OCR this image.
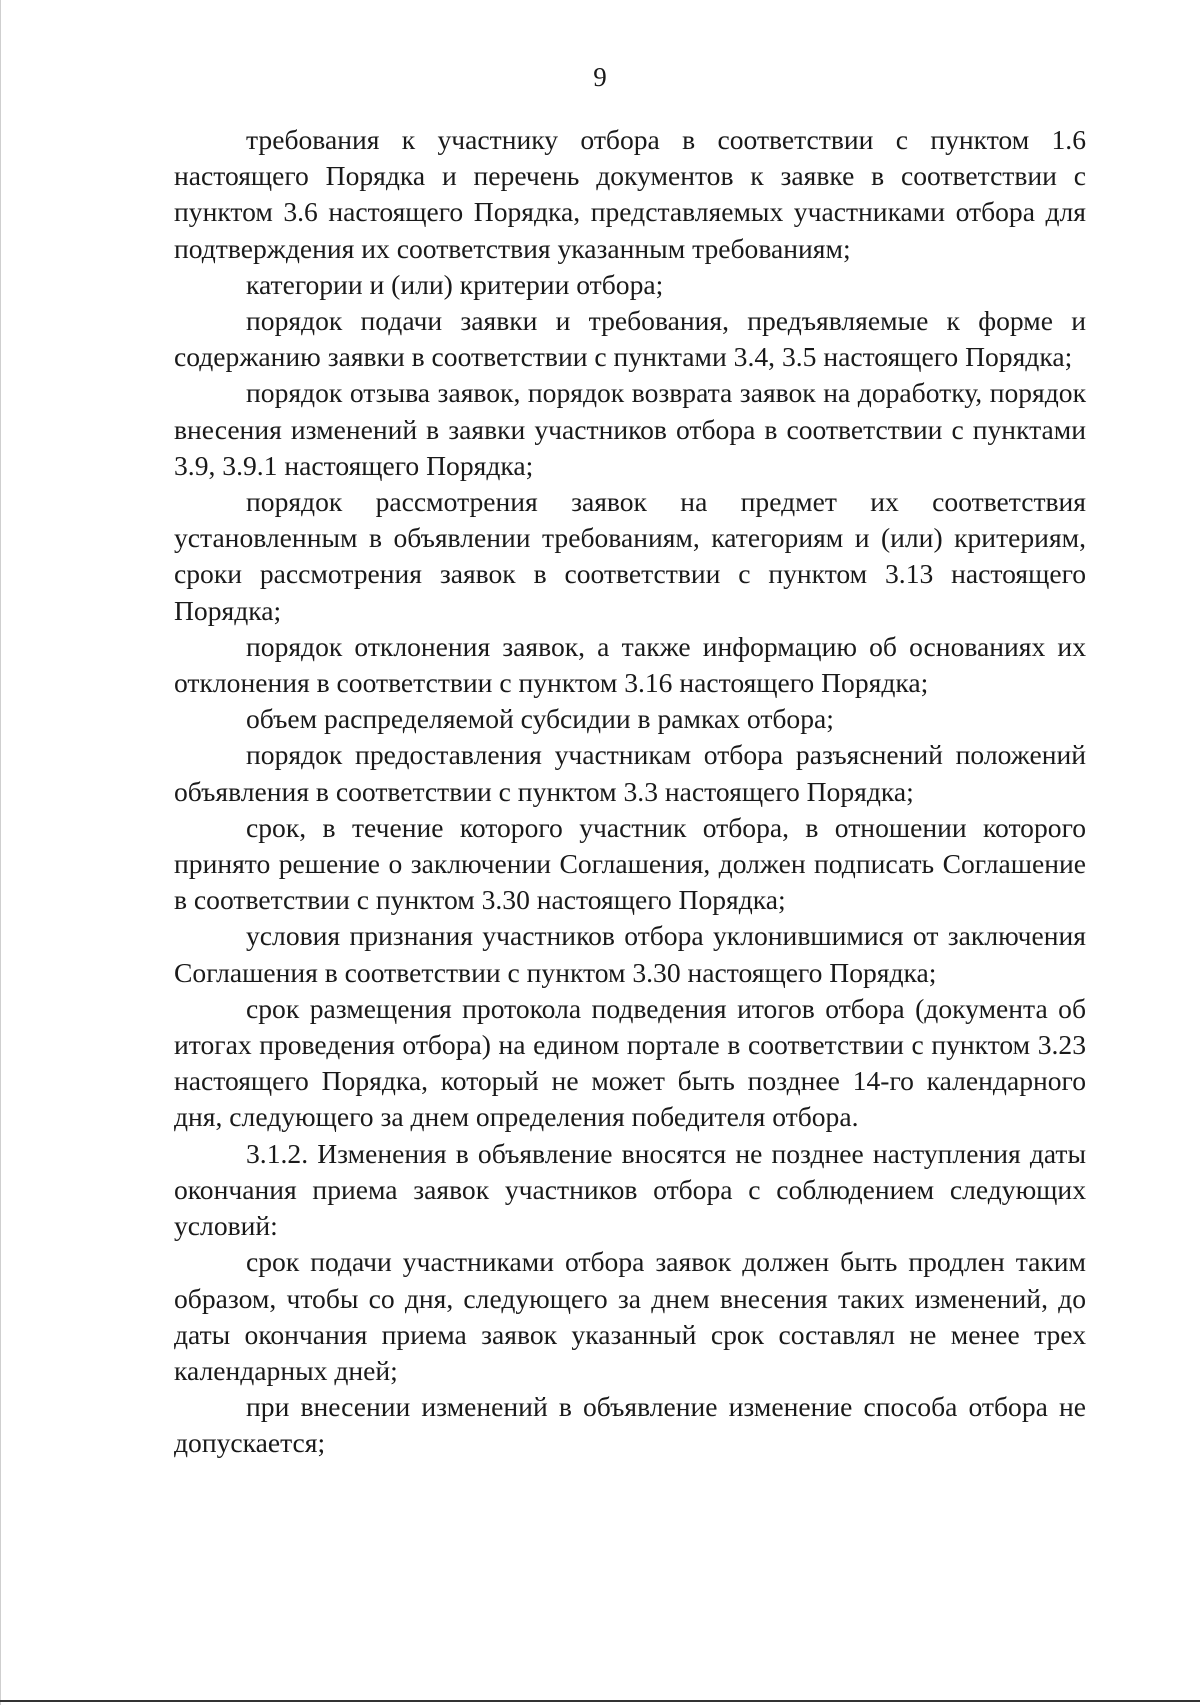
9

требования к участнику отбора в соответствии с пунктом 1.6 настоящего Порядка и перечень документов к заявке в соответствии с пунктом 3.6 настоящего Порядка, представляемых участниками отбора для подтверждения их соответствия указанным требованиям;

категории и (или) критерии отбора;

порядок подачи заявки и требования, предъявляемые к форме и содержанию заявки в соответствии с пунктами 3.4, 3.5 настоящего Порядка;

порядок отзыва заявок, порядок возврата заявок на доработку, порядок внесения изменений в заявки участников отбора в соответствии с пунктами 3.9, 3.9.1 настоящего Порядка;

порядок рассмотрения заявок на предмет их соответствия установленным в объявлении требованиям, категориям и (или) критериям, сроки рассмотрения заявок в соответствии с пунктом 3.13 настоящего Порядка;

порядок отклонения заявок, а также информацию об основаниях их отклонения в соответствии с пунктом 3.16 настоящего Порядка;

объем распределяемой субсидии в рамках отбора;

порядок предоставления участникам отбора разъяснений положений объявления в соответствии с пунктом 3.3 настоящего Порядка;

срок, в течение которого участник отбора, в отношении которого принято решение о заключении Соглашения, должен подписать Соглашение в соответствии с пунктом 3.30 настоящего Порядка;

условия признания участников отбора уклонившимися от заключения Соглашения в соответствии с пунктом 3.30 настоящего Порядка;

срок размещения протокола подведения итогов отбора (документа об итогах проведения отбора) на едином портале в соответствии с пунктом 3.23 настоящего Порядка, который не может быть позднее 14-го календарного дня, следующего за днем определения победителя отбора.

3.1.2. Изменения в объявление вносятся не позднее наступления даты окончания приема заявок участников отбора с соблюдением следующих условий:

срок подачи участниками отбора заявок должен быть продлен таким образом, чтобы со дня, следующего за днем внесения таких изменений, до даты окончания приема заявок указанный срок составлял не менее трех календарных дней;

при внесении изменений в объявление изменение способа отбора не допускается;
